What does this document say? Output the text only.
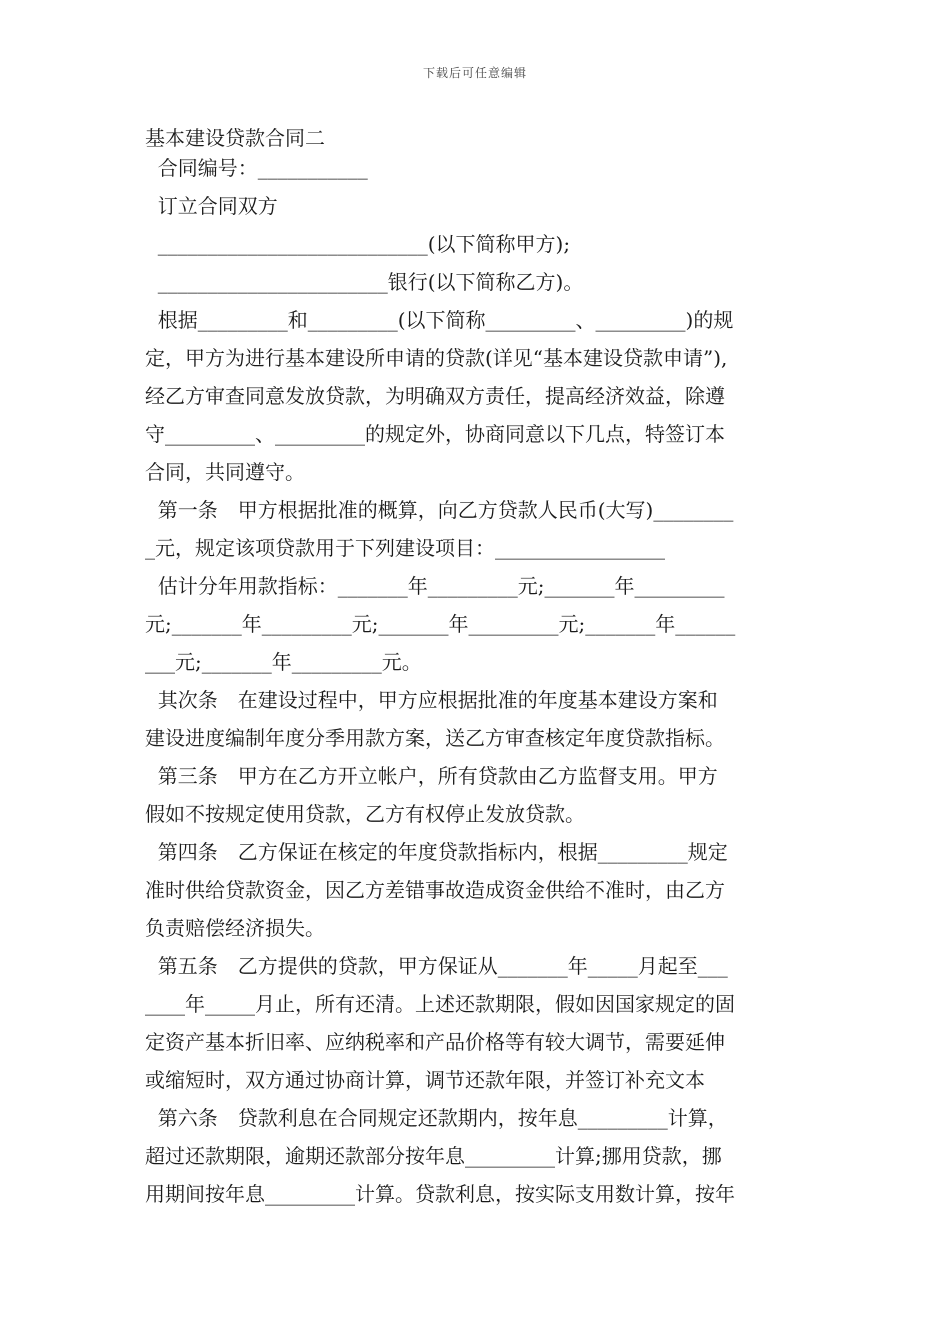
下载后可任意编辑
基本建设贷款合同二
合同编号：___________
订立合同双方
___________________________(以下简称甲方);
_______________________银行(以下简称乙方)。
根据_________和_________(以下简称_________、_________)的规
定，甲方为进行基本建设所申请的贷款(详见“基本建设贷款申请”),
经乙方审查同意发放贷款，为明确双方责任，提高经济效益，除遵
守_________、_________的规定外，协商同意以下几点，特签订本
合同，共同遵守。
第一条　甲方根据批准的概算，向乙方贷款人民币(大写)________
_元，规定该项贷款用于下列建设项目：_________________
估计分年用款指标：_______年_________元;_______年_________
元;_______年_________元;_______年_________元;_______年______
___元;_______年_________元。
其次条　在建设过程中，甲方应根据批准的年度基本建设方案和
建设进度编制年度分季用款方案，送乙方审查核定年度贷款指标。
第三条　甲方在乙方开立帐户，所有贷款由乙方监督支用。甲方
假如不按规定使用贷款，乙方有权停止发放贷款。
第四条　乙方保证在核定的年度贷款指标内，根据_________规定
准时供给贷款资金，因乙方差错事故造成资金供给不准时，由乙方
负责赔偿经济损失。
第五条　乙方提供的贷款，甲方保证从_______年_____月起至___
____年_____月止，所有还清。上述还款期限，假如因国家规定的固
定资产基本折旧率、应纳税率和产品价格等有较大调节，需要延伸
或缩短时，双方通过协商计算，调节还款年限，并签订补充文本
第六条　贷款利息在合同规定还款期内，按年息_________计算，
超过还款期限，逾期还款部分按年息_________计算;挪用贷款，挪
用期间按年息_________计算。贷款利息，按实际支用数计算，按年
